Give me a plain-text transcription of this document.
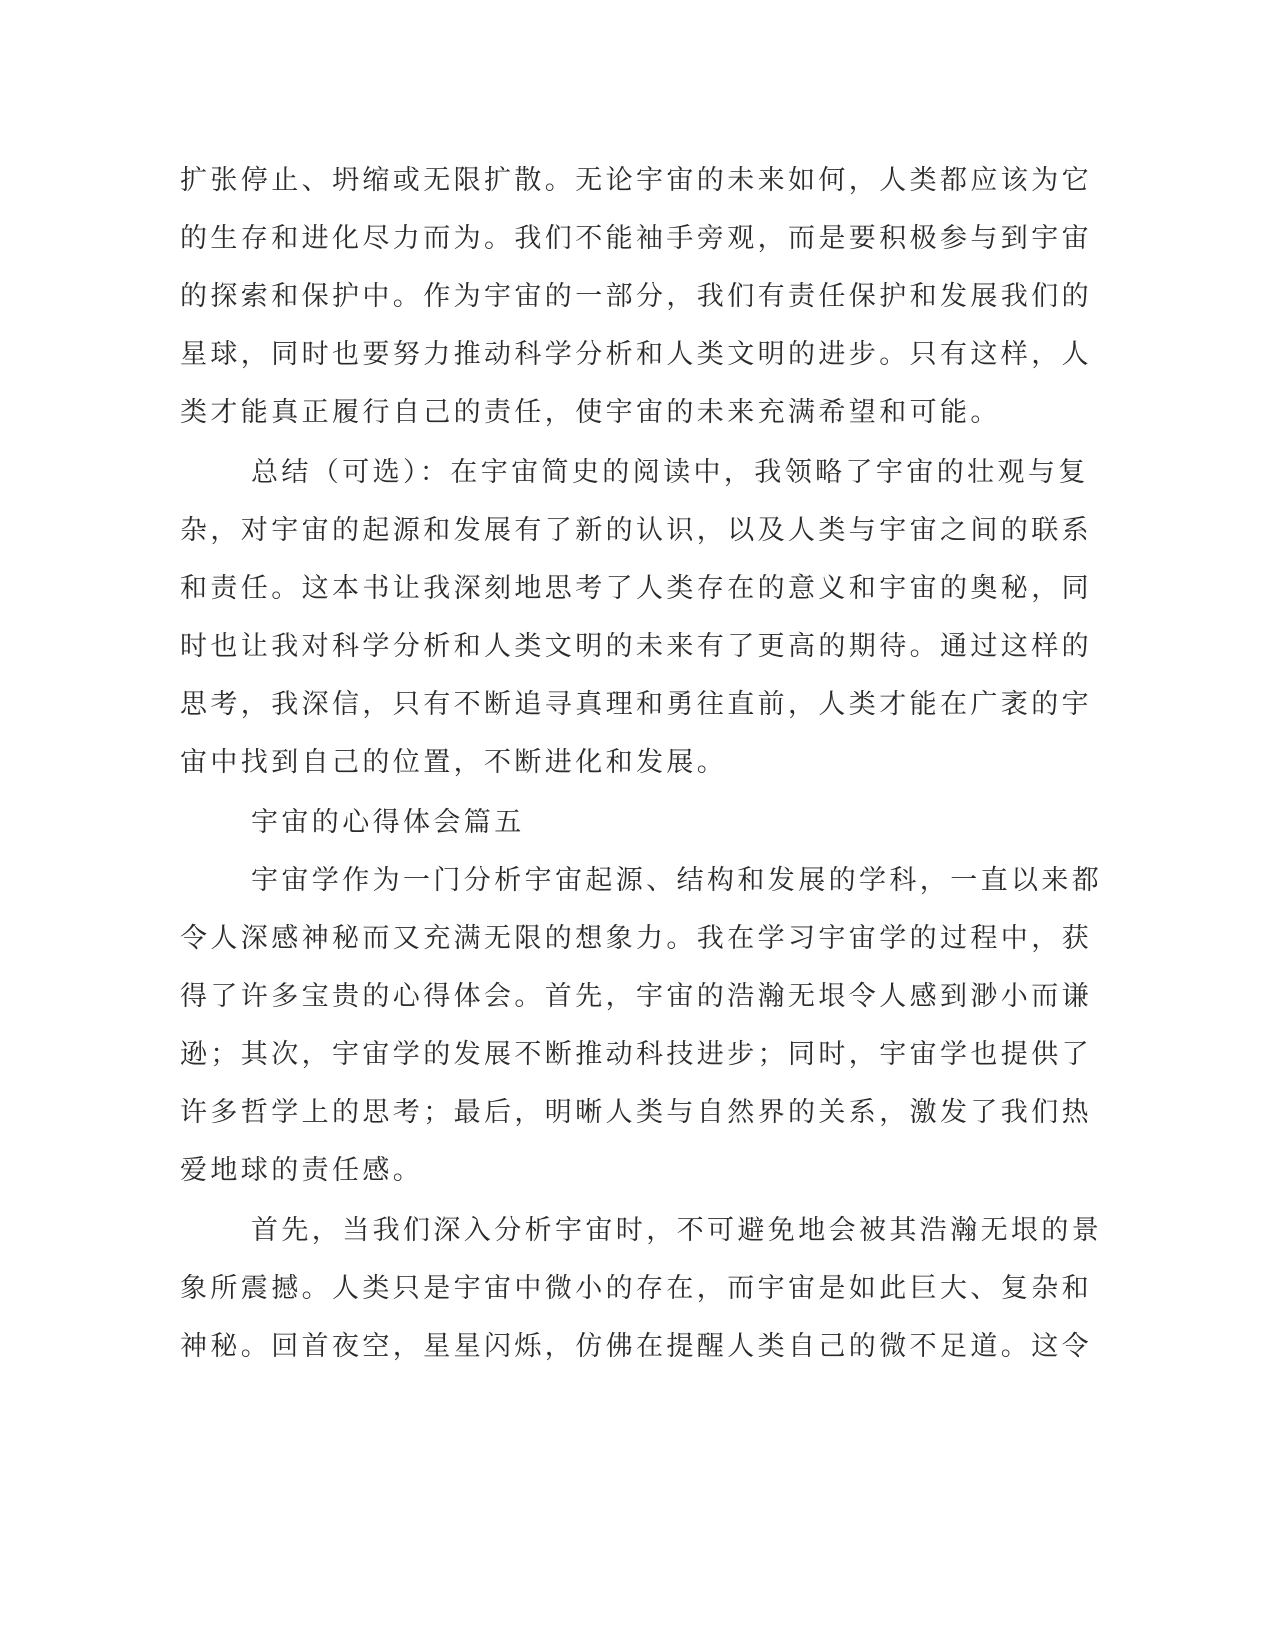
扩张停止、坍缩或无限扩散。无论宇宙的未来如何，人类都应该为它
的生存和进化尽力而为。我们不能袖手旁观，而是要积极参与到宇宙
的探索和保护中。作为宇宙的一部分，我们有责任保护和发展我们的
星球，同时也要努力推动科学分析和人类文明的进步。只有这样，人
类才能真正履行自己的责任，使宇宙的未来充满希望和可能。
总结（可选）：在宇宙简史的阅读中，我领略了宇宙的壮观与复
杂，对宇宙的起源和发展有了新的认识，以及人类与宇宙之间的联系
和责任。这本书让我深刻地思考了人类存在的意义和宇宙的奥秘，同
时也让我对科学分析和人类文明的未来有了更高的期待。通过这样的
思考，我深信，只有不断追寻真理和勇往直前，人类才能在广袤的宇
宙中找到自己的位置，不断进化和发展。
宇宙的心得体会篇五
宇宙学作为一门分析宇宙起源、结构和发展的学科，一直以来都
令人深感神秘而又充满无限的想象力。我在学习宇宙学的过程中，获
得了许多宝贵的心得体会。首先，宇宙的浩瀚无垠令人感到渺小而谦
逊；其次，宇宙学的发展不断推动科技进步；同时，宇宙学也提供了
许多哲学上的思考；最后，明晰人类与自然界的关系，激发了我们热
爱地球的责任感。
首先，当我们深入分析宇宙时，不可避免地会被其浩瀚无垠的景
象所震撼。人类只是宇宙中微小的存在，而宇宙是如此巨大、复杂和
神秘。回首夜空，星星闪烁，仿佛在提醒人类自己的微不足道。这令
